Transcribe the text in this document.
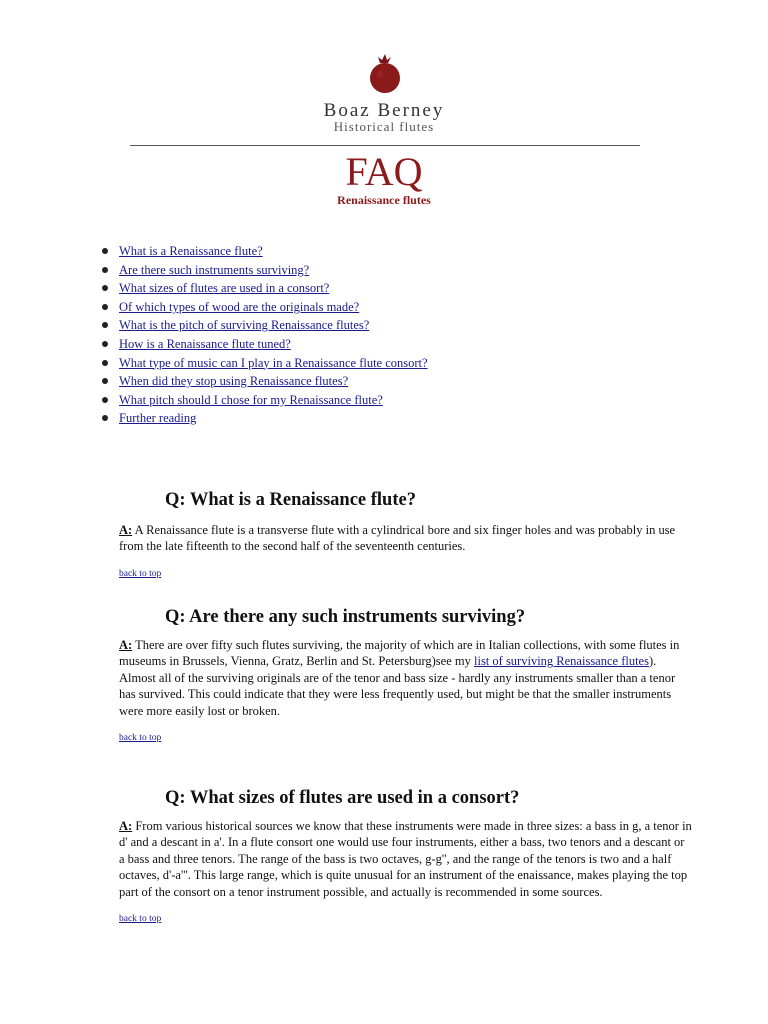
Boaz Berney
Historical flutes
FAQ
Renaissance flutes
What is a Renaissance flute?
Are there such instruments surviving?
What sizes of flutes are used in a consort?
Of which types of wood are the originals made?
What is the pitch of surviving Renaissance flutes?
How is a Renaissance flute tuned?
What type of music can I play in a Renaissance flute consort?
When did they stop using Renaissance flutes?
What pitch should I chose for my Renaissance flute?
Further reading
Q: What is a Renaissance flute?

A: A Renaissance flute is a transverse flute with a cylindrical bore and six finger holes and was probably in use from the late fifteenth to the second half of the seventeenth centuries.

back to top
Q: Are there any such instruments surviving?

A: There are over fifty such flutes surviving, the majority of which are in Italian collections, with some flutes in museums in Brussels, Vienna, Gratz, Berlin and St. Petersburg)see my list of surviving Renaissance flutes). Almost all of the surviving originals are of the tenor and bass size - hardly any instruments smaller than a tenor has survived. This could indicate that they were less frequently used, but might be that the smaller instruments were more easily lost or broken.

back to top
Q: What sizes of flutes are used in a consort?

A: From various historical sources we know that these instruments were made in three sizes: a bass in g, a tenor in d' and a descant in a'. In a flute consort one would use four instruments, either a bass, two tenors and a descant or a bass and three tenors. The range of the bass is two octaves, g-g'', and the range of the tenors is two and a half octaves, d'-a'''. This large range, which is quite unusual for an instrument of the enaissance, makes playing the top part of the consort on a tenor instrument possible, and actually is recommended in some sources.

back to top
